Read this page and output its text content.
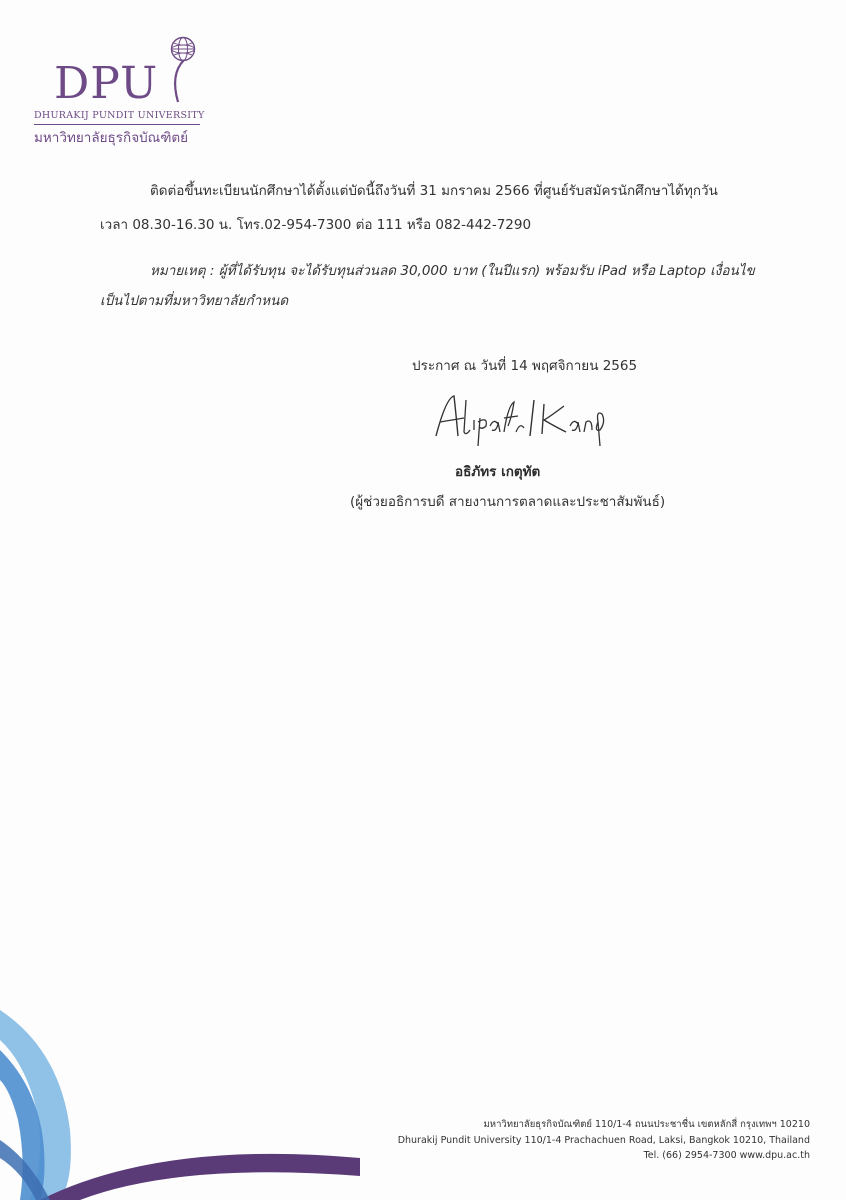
DPU
DHURAKIJ PUNDIT UNIVERSITY
มหาวิทยาลัยธุรกิจบัณฑิตย์
ติดต่อขึ้นทะเบียนนักศึกษาได้ตั้งแต่บัดนี้ถึงวันที่ 31 มกราคม 2566 ที่ศูนย์รับสมัครนักศึกษาได้ทุกวัน
เวลา 08.30-16.30 น. โทร.02-954-7300 ต่อ 111 หรือ 082-442-7290
หมายเหตุ : ผู้ที่ได้รับทุน จะได้รับทุนส่วนลด 30,000 บาท (ในปีแรก) พร้อมรับ iPad หรือ Laptop เงื่อนไข
เป็นไปตามที่มหาวิทยาลัยกำหนด
ประกาศ ณ วันที่ 14 พฤศจิกายน 2565
อธิภัทร เกตุทัต
(ผู้ช่วยอธิการบดี สายงานการตลาดและประชาสัมพันธ์)
มหาวิทยาลัยธุรกิจบัณฑิตย์ 110/1-4 ถนนประชาชื่น เขตหลักสี่ กรุงเทพฯ 10210
Dhurakij Pundit University 110/1-4 Prachachuen Road, Laksi, Bangkok 10210, Thailand
Tel. (66) 2954-7300 www.dpu.ac.th
